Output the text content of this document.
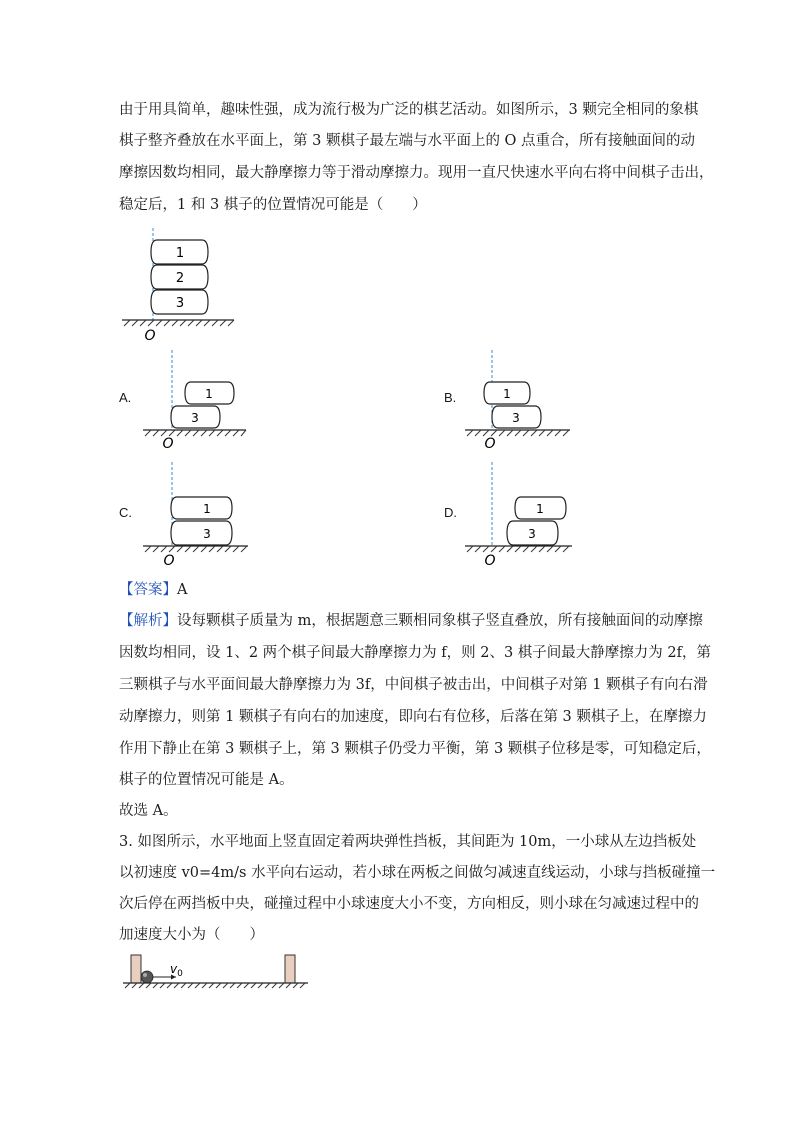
由于用具简单，趣味性强，成为流行极为广泛的棋艺活动。如图所示，3 颗完全相同的象棋
棋子整齐叠放在水平面上，第 3 颗棋子最左端与水平面上的 O 点重合，所有接触面间的动
摩擦因数均相同，最大静摩擦力等于滑动摩擦力。现用一直尺快速水平向右将中间棋子击出，
稳定后，1 和 3 棋子的位置情况可能是（　　）
1
2
3
O
A.	1
3
O
B.	1
3
O
C.	1
3
O
D.	1
3
O
【答案】A
【解析】设每颗棋子质量为 m，根据题意三颗相同象棋子竖直叠放，所有接触面间的动摩擦
因数均相同，设 1、2 两个棋子间最大静摩擦力为 f，则 2、3 棋子间最大静摩擦力为 2f，第
三颗棋子与水平面间最大静摩擦力为 3f，中间棋子被击出，中间棋子对第 1 颗棋子有向右滑
动摩擦力，则第 1 颗棋子有向右的加速度，即向右有位移，后落在第 3 颗棋子上，在摩擦力
作用下静止在第 3 颗棋子上，第 3 颗棋子仍受力平衡，第 3 颗棋子位移是零，可知稳定后，
棋子的位置情况可能是 A。
故选 A。
3. 如图所示，水平地面上竖直固定着两块弹性挡板，其间距为 10m，一小球从左边挡板处
以初速度 v0=4m/s 水平向右运动，若小球在两板之间做匀减速直线运动，小球与挡板碰撞一
次后停在两挡板中央，碰撞过程中小球速度大小不变，方向相反，则小球在匀减速过程中的
加速度大小为（　　）
$v_0$
